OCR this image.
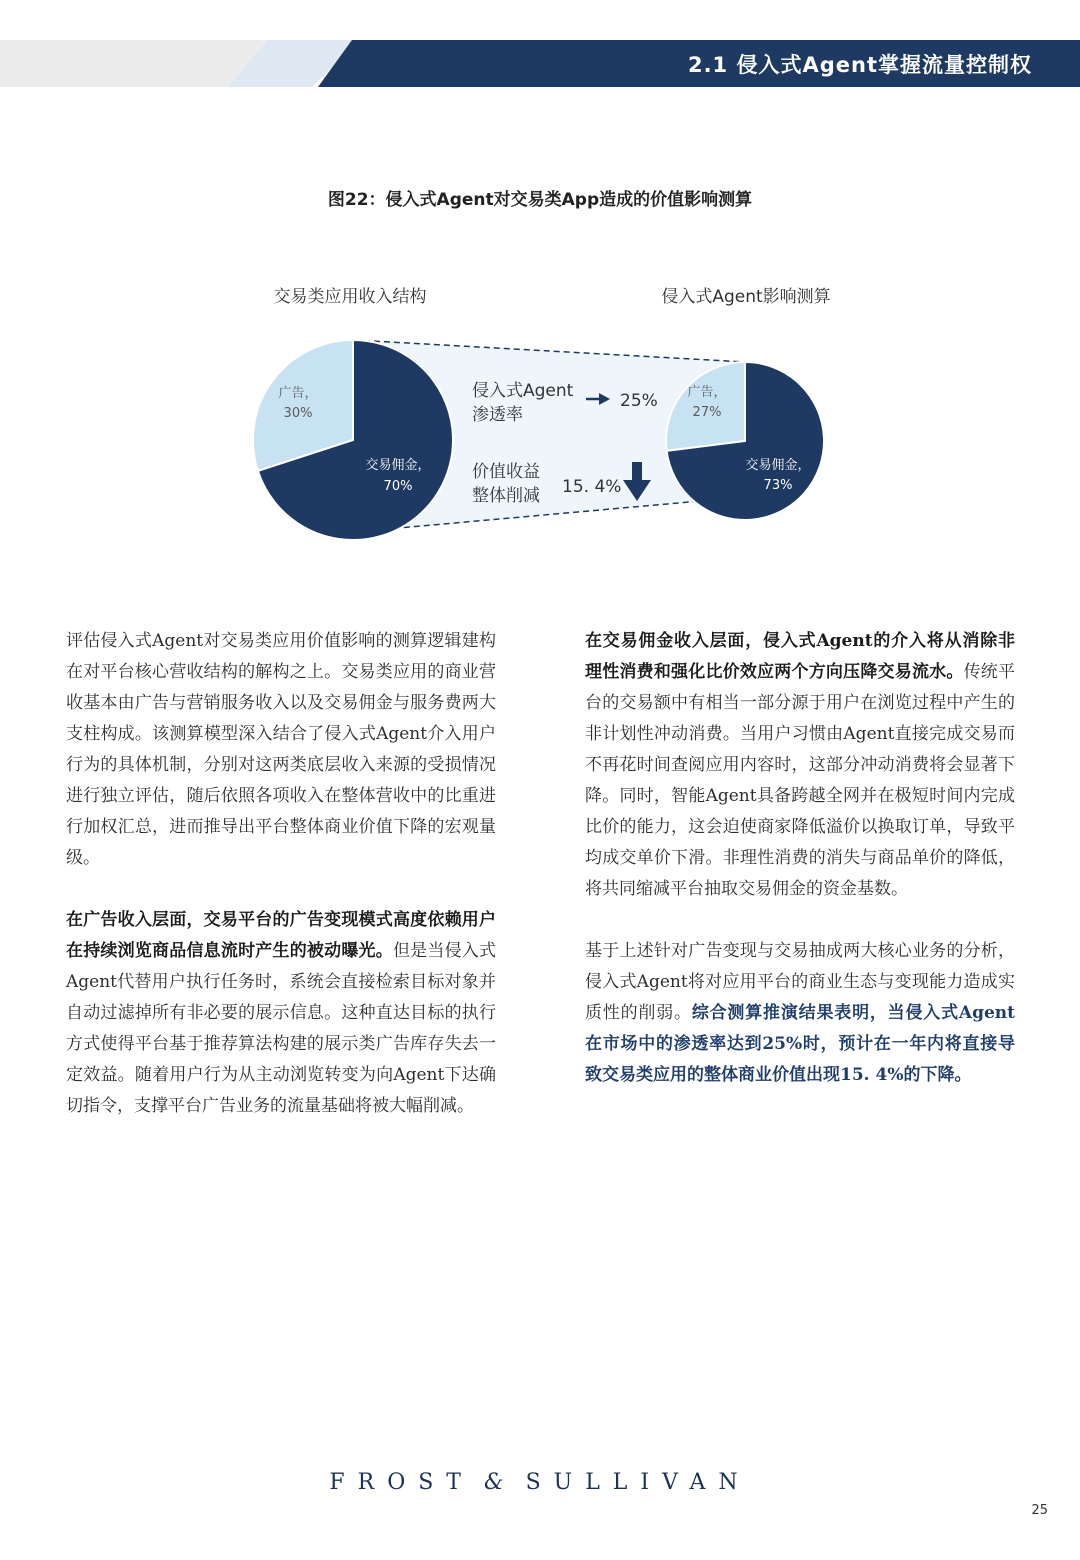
2.1 侵入式Agent掌握流量控制权
图22：侵入式Agent对交易类App造成的价值影响测算
交易类应用收入结构	侵入式Agent影响测算
广告，
30%
交易佣金，
70%
广告，
27%
交易佣金，
73%
侵入式Agent
渗透率
25%
价值收益
整体削减 15. 4%

评估侵入式Agent对交易类应用价值影响的测算逻辑建构在对平台核心营收结构的解构之上。交易类应用的商业营收基本由广告与营销服务收入以及交易佣金与服务费两大支柱构成。该测算模型深入结合了侵入式Agent介入用户行为的具体机制，分别对这两类底层收入来源的受损情况进行独立评估，随后依照各项收入在整体营收中的比重进行加权汇总，进而推导出平台整体商业价值下降的宏观量级。

在广告收入层面，交易平台的广告变现模式高度依赖用户在持续浏览商品信息流时产生的被动曝光。但是当侵入式Agent代替用户执行任务时，系统会直接检索目标对象并自动过滤掉所有非必要的展示信息。这种直达目标的执行方式使得平台基于推荐算法构建的展示类广告库存失去一定效益。随着用户行为从主动浏览转变为向Agent下达确切指令，支撑平台广告业务的流量基础将被大幅削减。

在交易佣金收入层面，侵入式Agent的介入将从消除非理性消费和强化比价效应两个方向压降交易流水。传统平台的交易额中有相当一部分源于用户在浏览过程中产生的非计划性冲动消费。当用户习惯由Agent直接完成交易而不再花时间查阅应用内容时，这部分冲动消费将会显著下降。同时，智能Agent具备跨越全网并在极短时间内完成比价的能力，这会迫使商家降低溢价以换取订单，导致平均成交单价下滑。非理性消费的消失与商品单价的降低，将共同缩减平台抽取交易佣金的资金基数。

基于上述针对广告变现与交易抽成两大核心业务的分析，侵入式Agent将对应用平台的商业生态与变现能力造成实质性的削弱。综合测算推演结果表明，当侵入式Agent在市场中的渗透率达到25%时，预计在一年内将直接导致交易类应用的整体商业价值出现15. 4%的下降。

FROST & SULLIVAN
25
